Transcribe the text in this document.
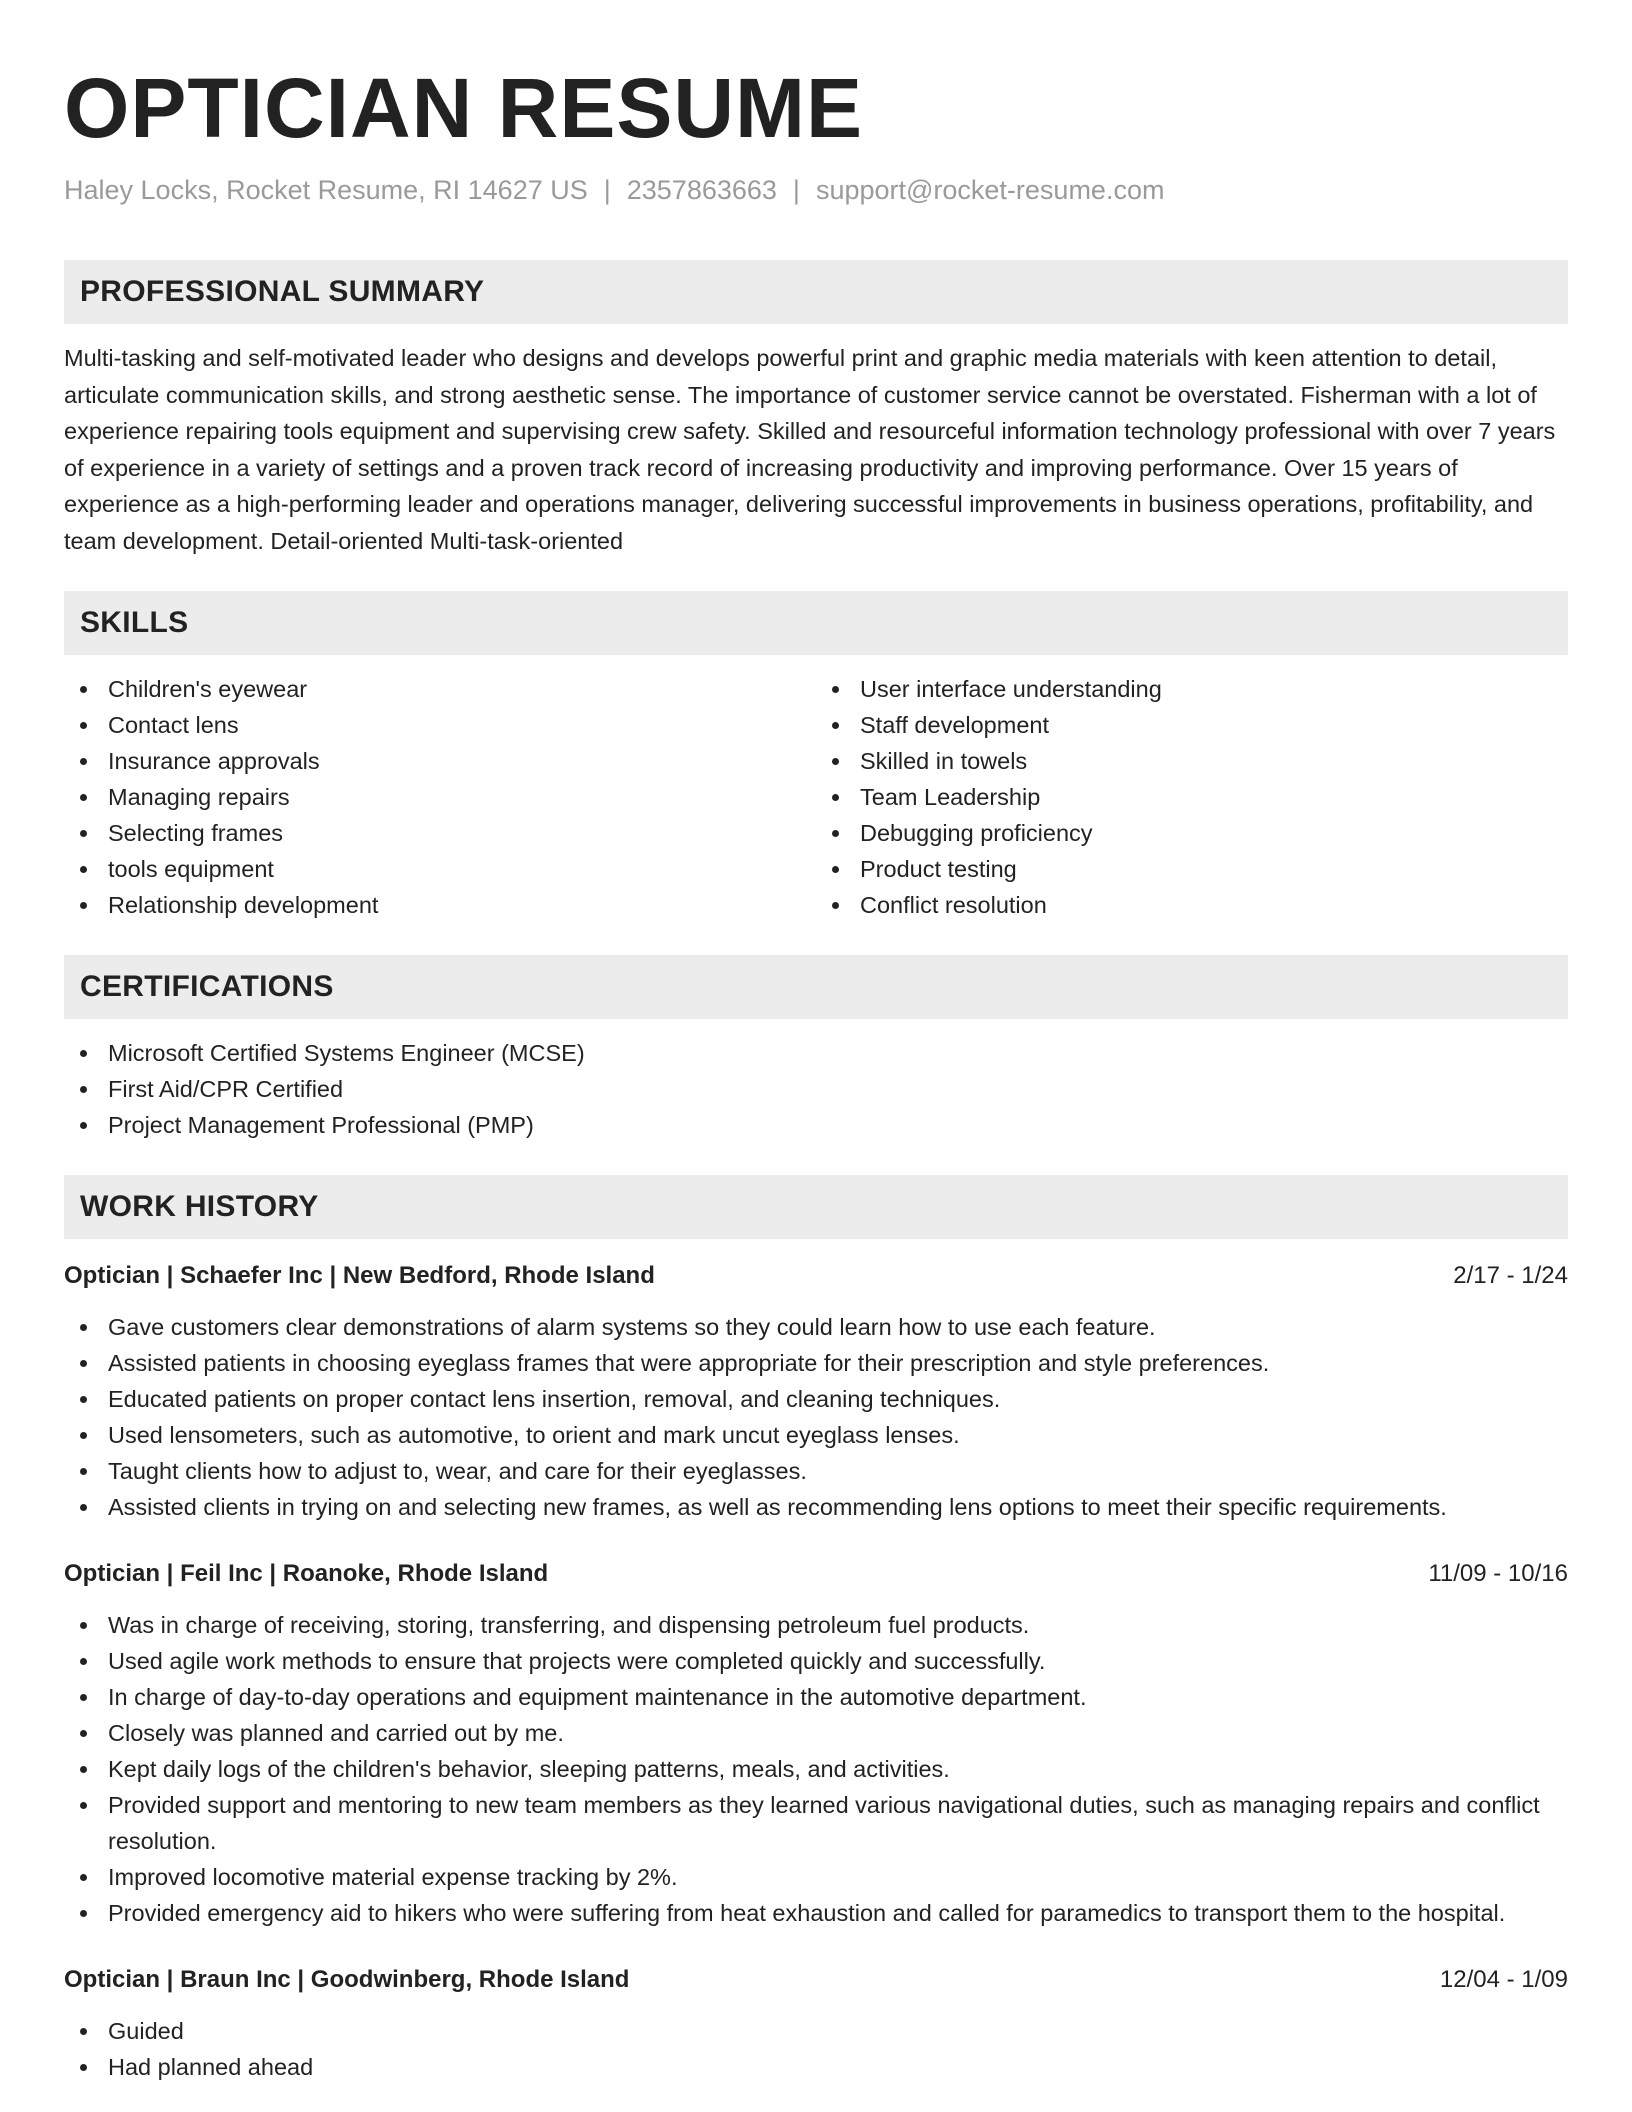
OPTICIAN RESUME
Haley Locks, Rocket Resume, RI 14627 US | 2357863663 | support@rocket-resume.com
PROFESSIONAL SUMMARY

Multi-tasking and self-motivated leader who designs and develops powerful print and graphic media materials with keen attention to detail, articulate communication skills, and strong aesthetic sense. The importance of customer service cannot be overstated. Fisherman with a lot of experience repairing tools equipment and supervising crew safety. Skilled and resourceful information technology professional with over 7 years of experience in a variety of settings and a proven track record of increasing productivity and improving performance. Over 15 years of experience as a high-performing leader and operations manager, delivering successful improvements in business operations, profitability, and team development. Detail-oriented Multi-task-oriented

SKILLS
Children's eyewear
Contact lens
Insurance approvals
Managing repairs
Selecting frames
tools equipment
Relationship development
User interface understanding
Staff development
Skilled in towels
Team Leadership
Debugging proficiency
Product testing
Conflict resolution
CERTIFICATIONS
Microsoft Certified Systems Engineer (MCSE)
First Aid/CPR Certified
Project Management Professional (PMP)
WORK HISTORY
Optician | Schaefer Inc | New Bedford, Rhode Island	2/17 - 1/24
Gave customers clear demonstrations of alarm systems so they could learn how to use each feature.
Assisted patients in choosing eyeglass frames that were appropriate for their prescription and style preferences.
Educated patients on proper contact lens insertion, removal, and cleaning techniques.
Used lensometers, such as automotive, to orient and mark uncut eyeglass lenses.
Taught clients how to adjust to, wear, and care for their eyeglasses.
Assisted clients in trying on and selecting new frames, as well as recommending lens options to meet their specific requirements.
Optician | Feil Inc | Roanoke, Rhode Island	11/09 - 10/16
Was in charge of receiving, storing, transferring, and dispensing petroleum fuel products.
Used agile work methods to ensure that projects were completed quickly and successfully.
In charge of day-to-day operations and equipment maintenance in the automotive department.
Closely was planned and carried out by me.
Kept daily logs of the children's behavior, sleeping patterns, meals, and activities.
Provided support and mentoring to new team members as they learned various navigational duties, such as managing repairs and conflict resolution.
Improved locomotive material expense tracking by 2%.
Provided emergency aid to hikers who were suffering from heat exhaustion and called for paramedics to transport them to the hospital.
Optician | Braun Inc | Goodwinberg, Rhode Island	12/04 - 1/09
Guided
Had planned ahead
